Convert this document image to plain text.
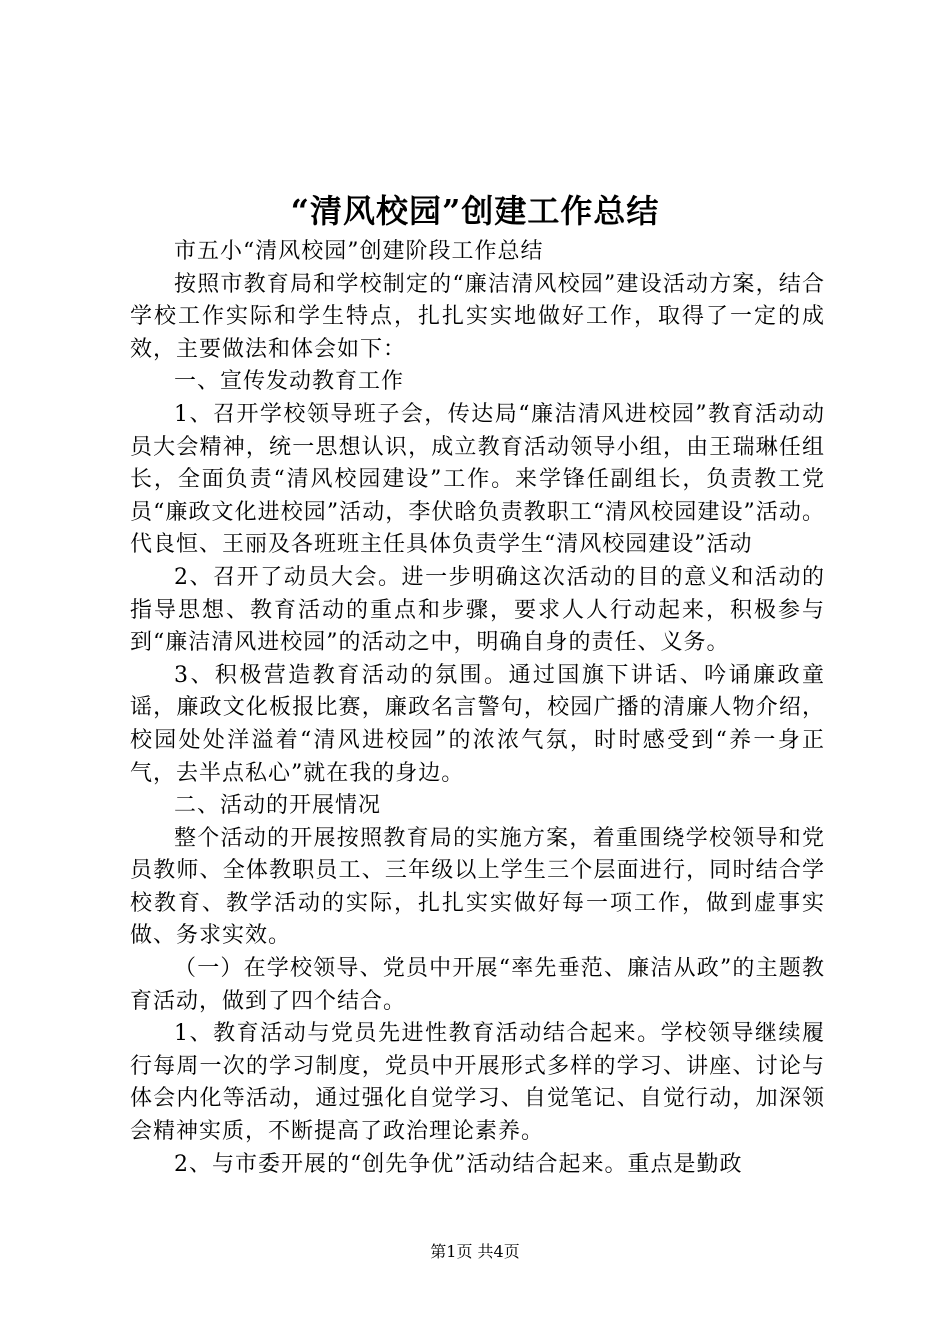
“清风校园”创建工作总结

市五小“清风校园”创建阶段工作总结

按照市教育局和学校制定的“廉洁清风校园”建设活动方案，结合学校工作实际和学生特点，扎扎实实地做好工作，取得了一定的成效，主要做法和体会如下：

一、宣传发动教育工作

1、召开学校领导班子会，传达局“廉洁清风进校园”教育活动动员大会精神，统一思想认识，成立教育活动领导小组，由王瑞琳任组长，全面负责“清风校园建设”工作。来学锋任副组长，负责教工党员“廉政文化进校园”活动，李伏晗负责教职工“清风校园建设”活动。代良恒、王丽及各班班主任具体负责学生“清风校园建设”活动

2、召开了动员大会。进一步明确这次活动的目的意义和活动的指导思想、教育活动的重点和步骤，要求人人行动起来，积极参与到“廉洁清风进校园”的活动之中，明确自身的责任、义务。

3、积极营造教育活动的氛围。通过国旗下讲话、吟诵廉政童谣，廉政文化板报比赛，廉政名言警句，校园广播的清廉人物介绍，校园处处洋溢着“清风进校园”的浓浓气氛，时时感受到“养一身正气，去半点私心”就在我的身边。

二、活动的开展情况

整个活动的开展按照教育局的实施方案，着重围绕学校领导和党员教师、全体教职员工、三年级以上学生三个层面进行，同时结合学校教育、教学活动的实际，扎扎实实做好每一项工作，做到虚事实做、务求实效。

（一）在学校领导、党员中开展“率先垂范、廉洁从政”的主题教育活动，做到了四个结合。

1、教育活动与党员先进性教育活动结合起来。学校领导继续履行每周一次的学习制度，党员中开展形式多样的学习、讲座、讨论与体会内化等活动，通过强化自觉学习、自觉笔记、自觉行动，加深领会精神实质，不断提高了政治理论素养。

2、与市委开展的“创先争优”活动结合起来。重点是勤政

第1页 共4页
